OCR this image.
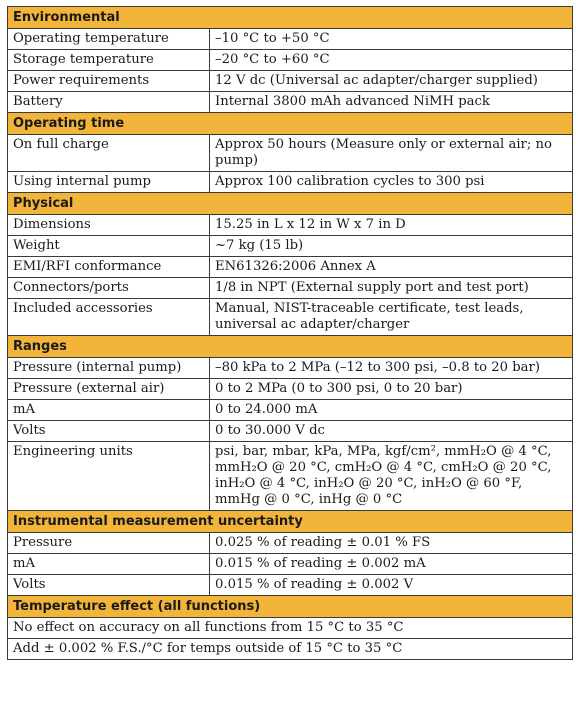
Environmental	
Operating temperature	–10 °C to +50 °C
Storage temperature	–20 °C to +60 °C
Power requirements	12 V dc (Universal ac adapter/charger supplied)
Battery	Internal 3800 mAh advanced NiMH pack
Operating time	
On full charge	Approx 50 hours (Measure only or external air; no pump)
Using internal pump	Approx 100 calibration cycles to 300 psi
Physical	
Dimensions	15.25 in L x 12 in W x 7 in D
Weight	~7 kg (15 lb)
EMI/RFI conformance	EN61326:2006 Annex A
Connectors/ports	1/8 in NPT (External supply port and test port)
Included accessories	Manual, NIST-traceable certificate, test leads, universal ac adapter/charger
Ranges	
Pressure (internal pump)	–80 kPa to 2 MPa (–12 to 300 psi, –0.8 to 20 bar)
Pressure (external air)	0 to 2 MPa (0 to 300 psi, 0 to 20 bar)
mA	0 to 24.000 mA
Volts	0 to 30.000 V dc
Engineering units	psi, bar, mbar, kPa, MPa, kgf/cm², mmH₂O @ 4 °C, mmH₂O @ 20 °C, cmH₂O @ 4 °C, cmH₂O @ 20 °C, inH₂O @ 4 °C, inH₂O @ 20 °C, inH₂O @ 60 °F, mmHg @ 0 °C, inHg @ 0 °C
Instrumental measurement uncertainty	
Pressure	0.025 % of reading ± 0.01 % FS
mA	0.015 % of reading ± 0.002 mA
Volts	0.015 % of reading ± 0.002 V
Temperature effect (all functions)	
No effect on accuracy on all functions from 15 °C to 35 °C	
Add ± 0.002 % F.S./°C for temps outside of 15 °C to 35 °C	
